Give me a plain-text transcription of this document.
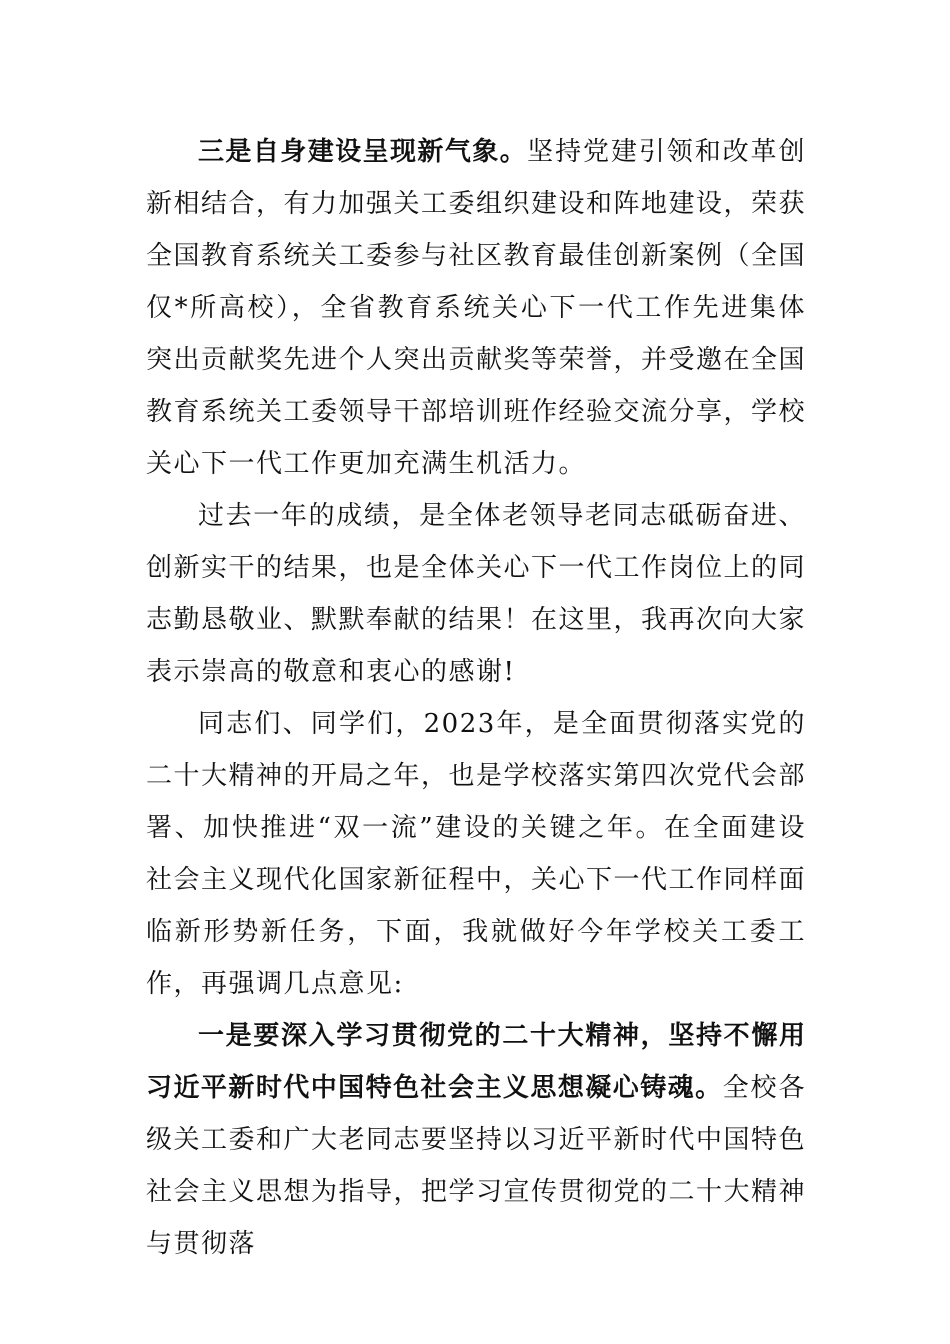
三是自身建设呈现新气象。坚持党建引领和改革创新相结合，有力加强关工委组织建设和阵地建设，荣获全国教育系统关工委参与社区教育最佳创新案例（全国仅*所高校），全省教育系统关心下一代工作先进集体突出贡献奖先进个人突出贡献奖等荣誉，并受邀在全国教育系统关工委领导干部培训班作经验交流分享，学校关心下一代工作更加充满生机活力。

过去一年的成绩，是全体老领导老同志砥砺奋进、创新实干的结果，也是全体关心下一代工作岗位上的同志勤恳敬业、默默奉献的结果！在这里，我再次向大家表示崇高的敬意和衷心的感谢!

同志们、同学们，2023年，是全面贯彻落实党的二十大精神的开局之年，也是学校落实第四次党代会部署、加快推进“双一流”建设的关键之年。在全面建设社会主义现代化国家新征程中，关心下一代工作同样面临新形势新任务，下面，我就做好今年学校关工委工作，再强调几点意见:

一是要深入学习贯彻党的二十大精神，坚持不懈用习近平新时代中国特色社会主义思想凝心铸魂。全校各级关工委和广大老同志要坚持以习近平新时代中国特色社会主义思想为指导，把学习宣传贯彻党的二十大精神与贯彻落
